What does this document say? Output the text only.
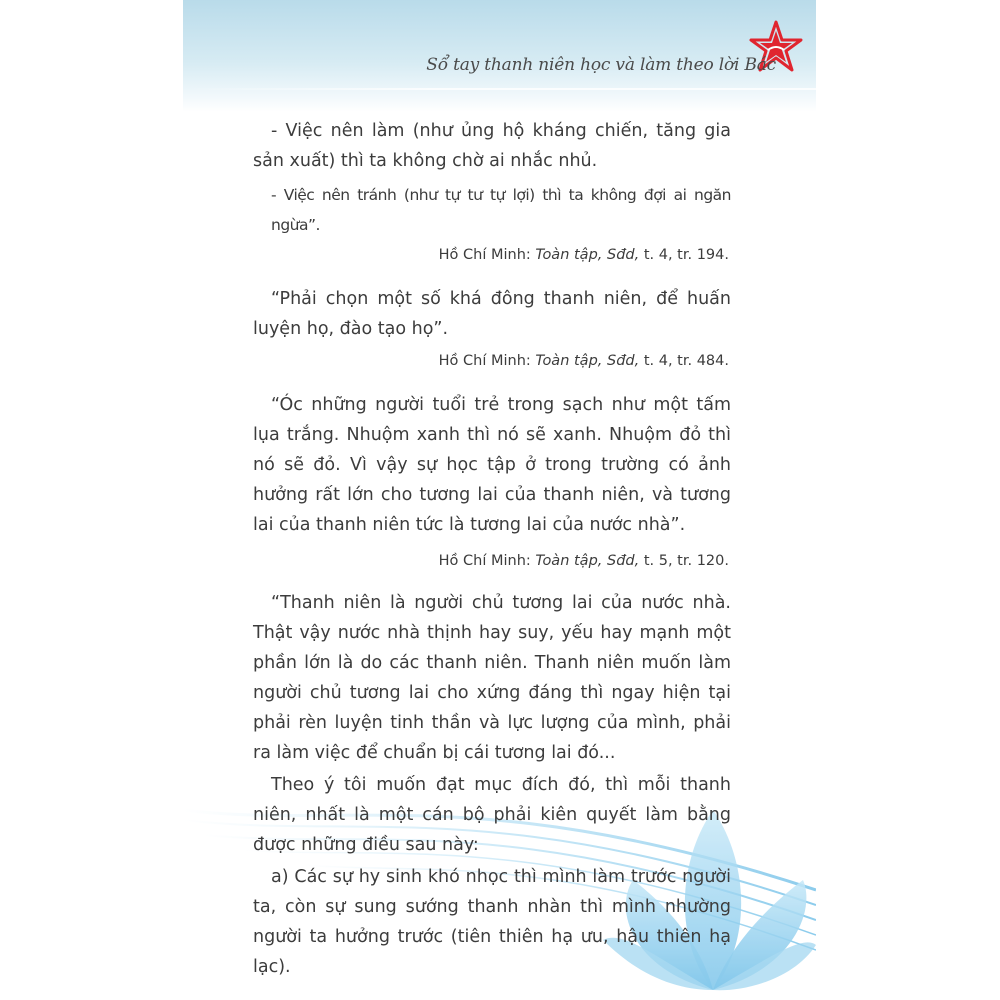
Sổ tay thanh niên học và làm theo lời Bác

- Việc nên làm (như ủng hộ kháng chiến, tăng gia sản xuất) thì ta không chờ ai nhắc nhủ.

- Việc nên tránh (như tự tư tự lợi) thì ta không đợi ai ngăn ngừa”.

Hồ Chí Minh: Toàn tập, Sđd, t. 4, tr. 194.

“Phải chọn một số khá đông thanh niên, để huấn luyện họ, đào tạo họ”.

Hồ Chí Minh: Toàn tập, Sđd, t. 4, tr. 484.

“Óc những người tuổi trẻ trong sạch như một tấm lụa trắng. Nhuộm xanh thì nó sẽ xanh. Nhuộm đỏ thì nó sẽ đỏ. Vì vậy sự học tập ở trong trường có ảnh hưởng rất lớn cho tương lai của thanh niên, và tương lai của thanh niên tức là tương lai của nước nhà”.

Hồ Chí Minh: Toàn tập, Sđd, t. 5, tr. 120.

“Thanh niên là người chủ tương lai của nước nhà. Thật vậy nước nhà thịnh hay suy, yếu hay mạnh một phần lớn là do các thanh niên. Thanh niên muốn làm người chủ tương lai cho xứng đáng thì ngay hiện tại phải rèn luyện tinh thần và lực lượng của mình, phải ra làm việc để chuẩn bị cái tương lai đó...

Theo ý tôi muốn đạt mục đích đó, thì mỗi thanh niên, nhất là một cán bộ phải kiên quyết làm bằng được những điều sau này:

a) Các sự hy sinh khó nhọc thì mình làm trước người ta, còn sự sung sướng thanh nhàn thì mình nhường người ta hưởng trước (tiên thiên hạ ưu, hậu thiên hạ lạc).
